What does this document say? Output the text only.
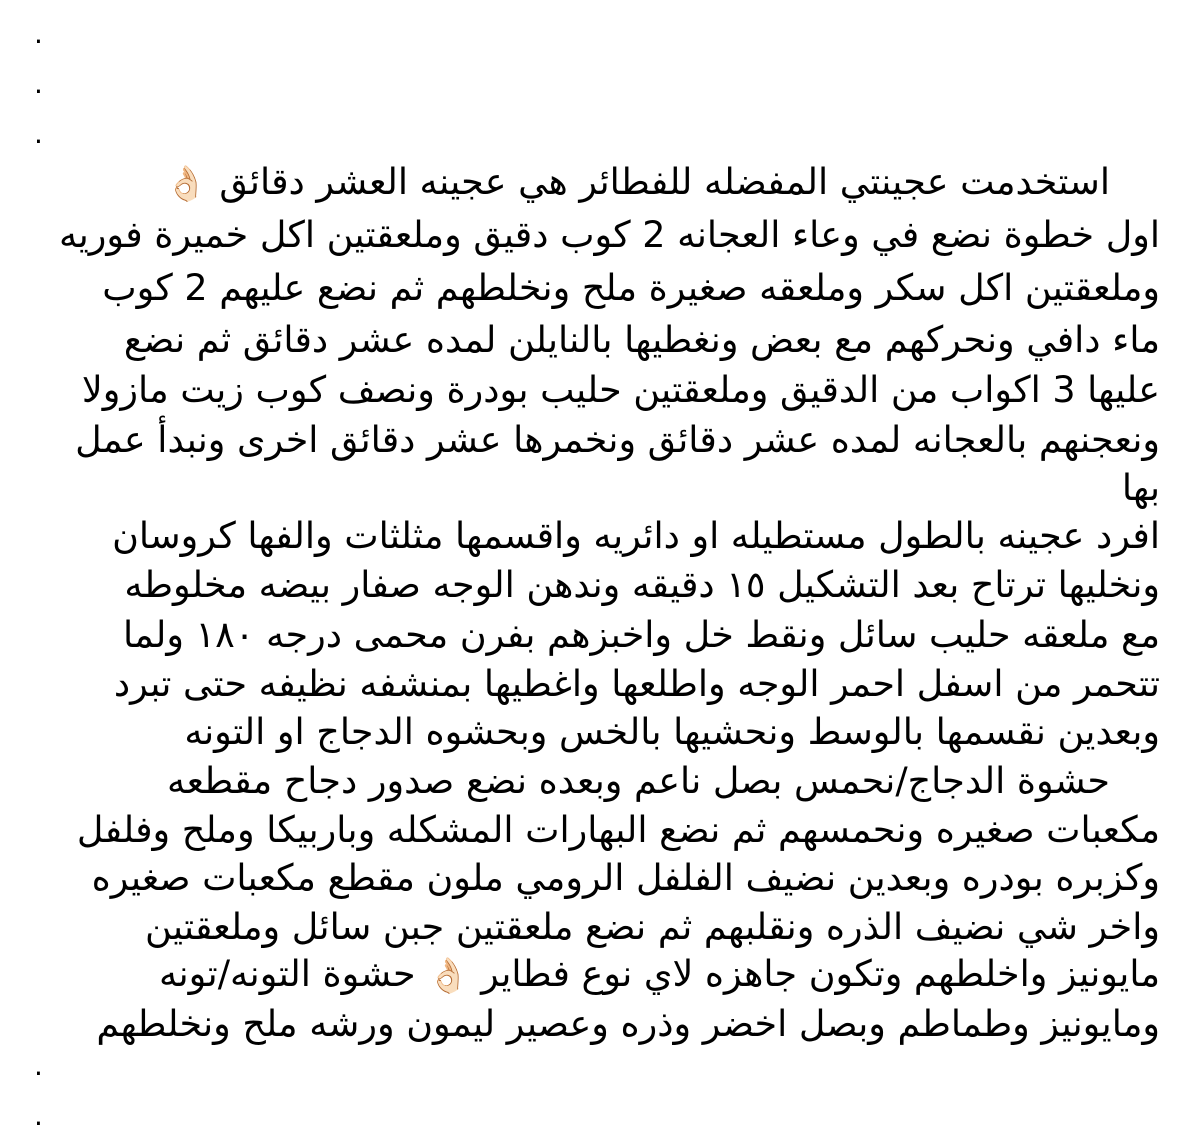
.
.
.
استخدمت عجينتي المفضله للفطائر هي عجينه العشر دقائق 👌🏻
اول خطوة نضع في وعاء العجانه 2 كوب دقيق وملعقتين اكل خميرة فوريه
وملعقتين اكل سكر وملعقه صغيرة ملح ونخلطهم ثم نضع عليهم 2 كوب
ماء دافي ونحركهم مع بعض ونغطيها بالنايلن لمده عشر دقائق ثم نضع
عليها 3 اكواب من الدقيق وملعقتين حليب بودرة ونصف كوب زيت مازولا
ونعجنهم بالعجانه لمده عشر دقائق ونخمرها عشر دقائق اخرى ونبدأ عمل
بها
افرد عجينه بالطول مستطيله او دائريه واقسمها مثلثات والفها كروسان
ونخليها ترتاح بعد التشكيل ١٥ دقيقه وندهن الوجه صفار بيضه مخلوطه
مع ملعقه حليب سائل ونقط خل واخبزهم بفرن محمى درجه ١٨٠ ولما
تتحمر من اسفل احمر الوجه واطلعها واغطيها بمنشفه نظيفه حتى تبرد
وبعدين نقسمها بالوسط ونحشيها بالخس وبحشوه الدجاج او التونه
حشوة الدجاج/نحمس بصل ناعم وبعده نضع صدور دجاح مقطعه
مكعبات صغيره ونحمسهم ثم نضع البهارات المشكله وباربيكا وملح وفلفل
وكزبره بودره وبعدين نضيف الفلفل الرومي ملون مقطع مكعبات صغيره
واخر شي نضيف الذره ونقلبهم ثم نضع ملعقتين جبن سائل وملعقتين
مايونيز واخلطهم وتكون جاهزه لاي نوع فطاير 👌🏻 حشوة التونه/تونه
ومايونيز وطماطم وبصل اخضر وذره وعصير ليمون ورشه ملح ونخلطهم
.
.
